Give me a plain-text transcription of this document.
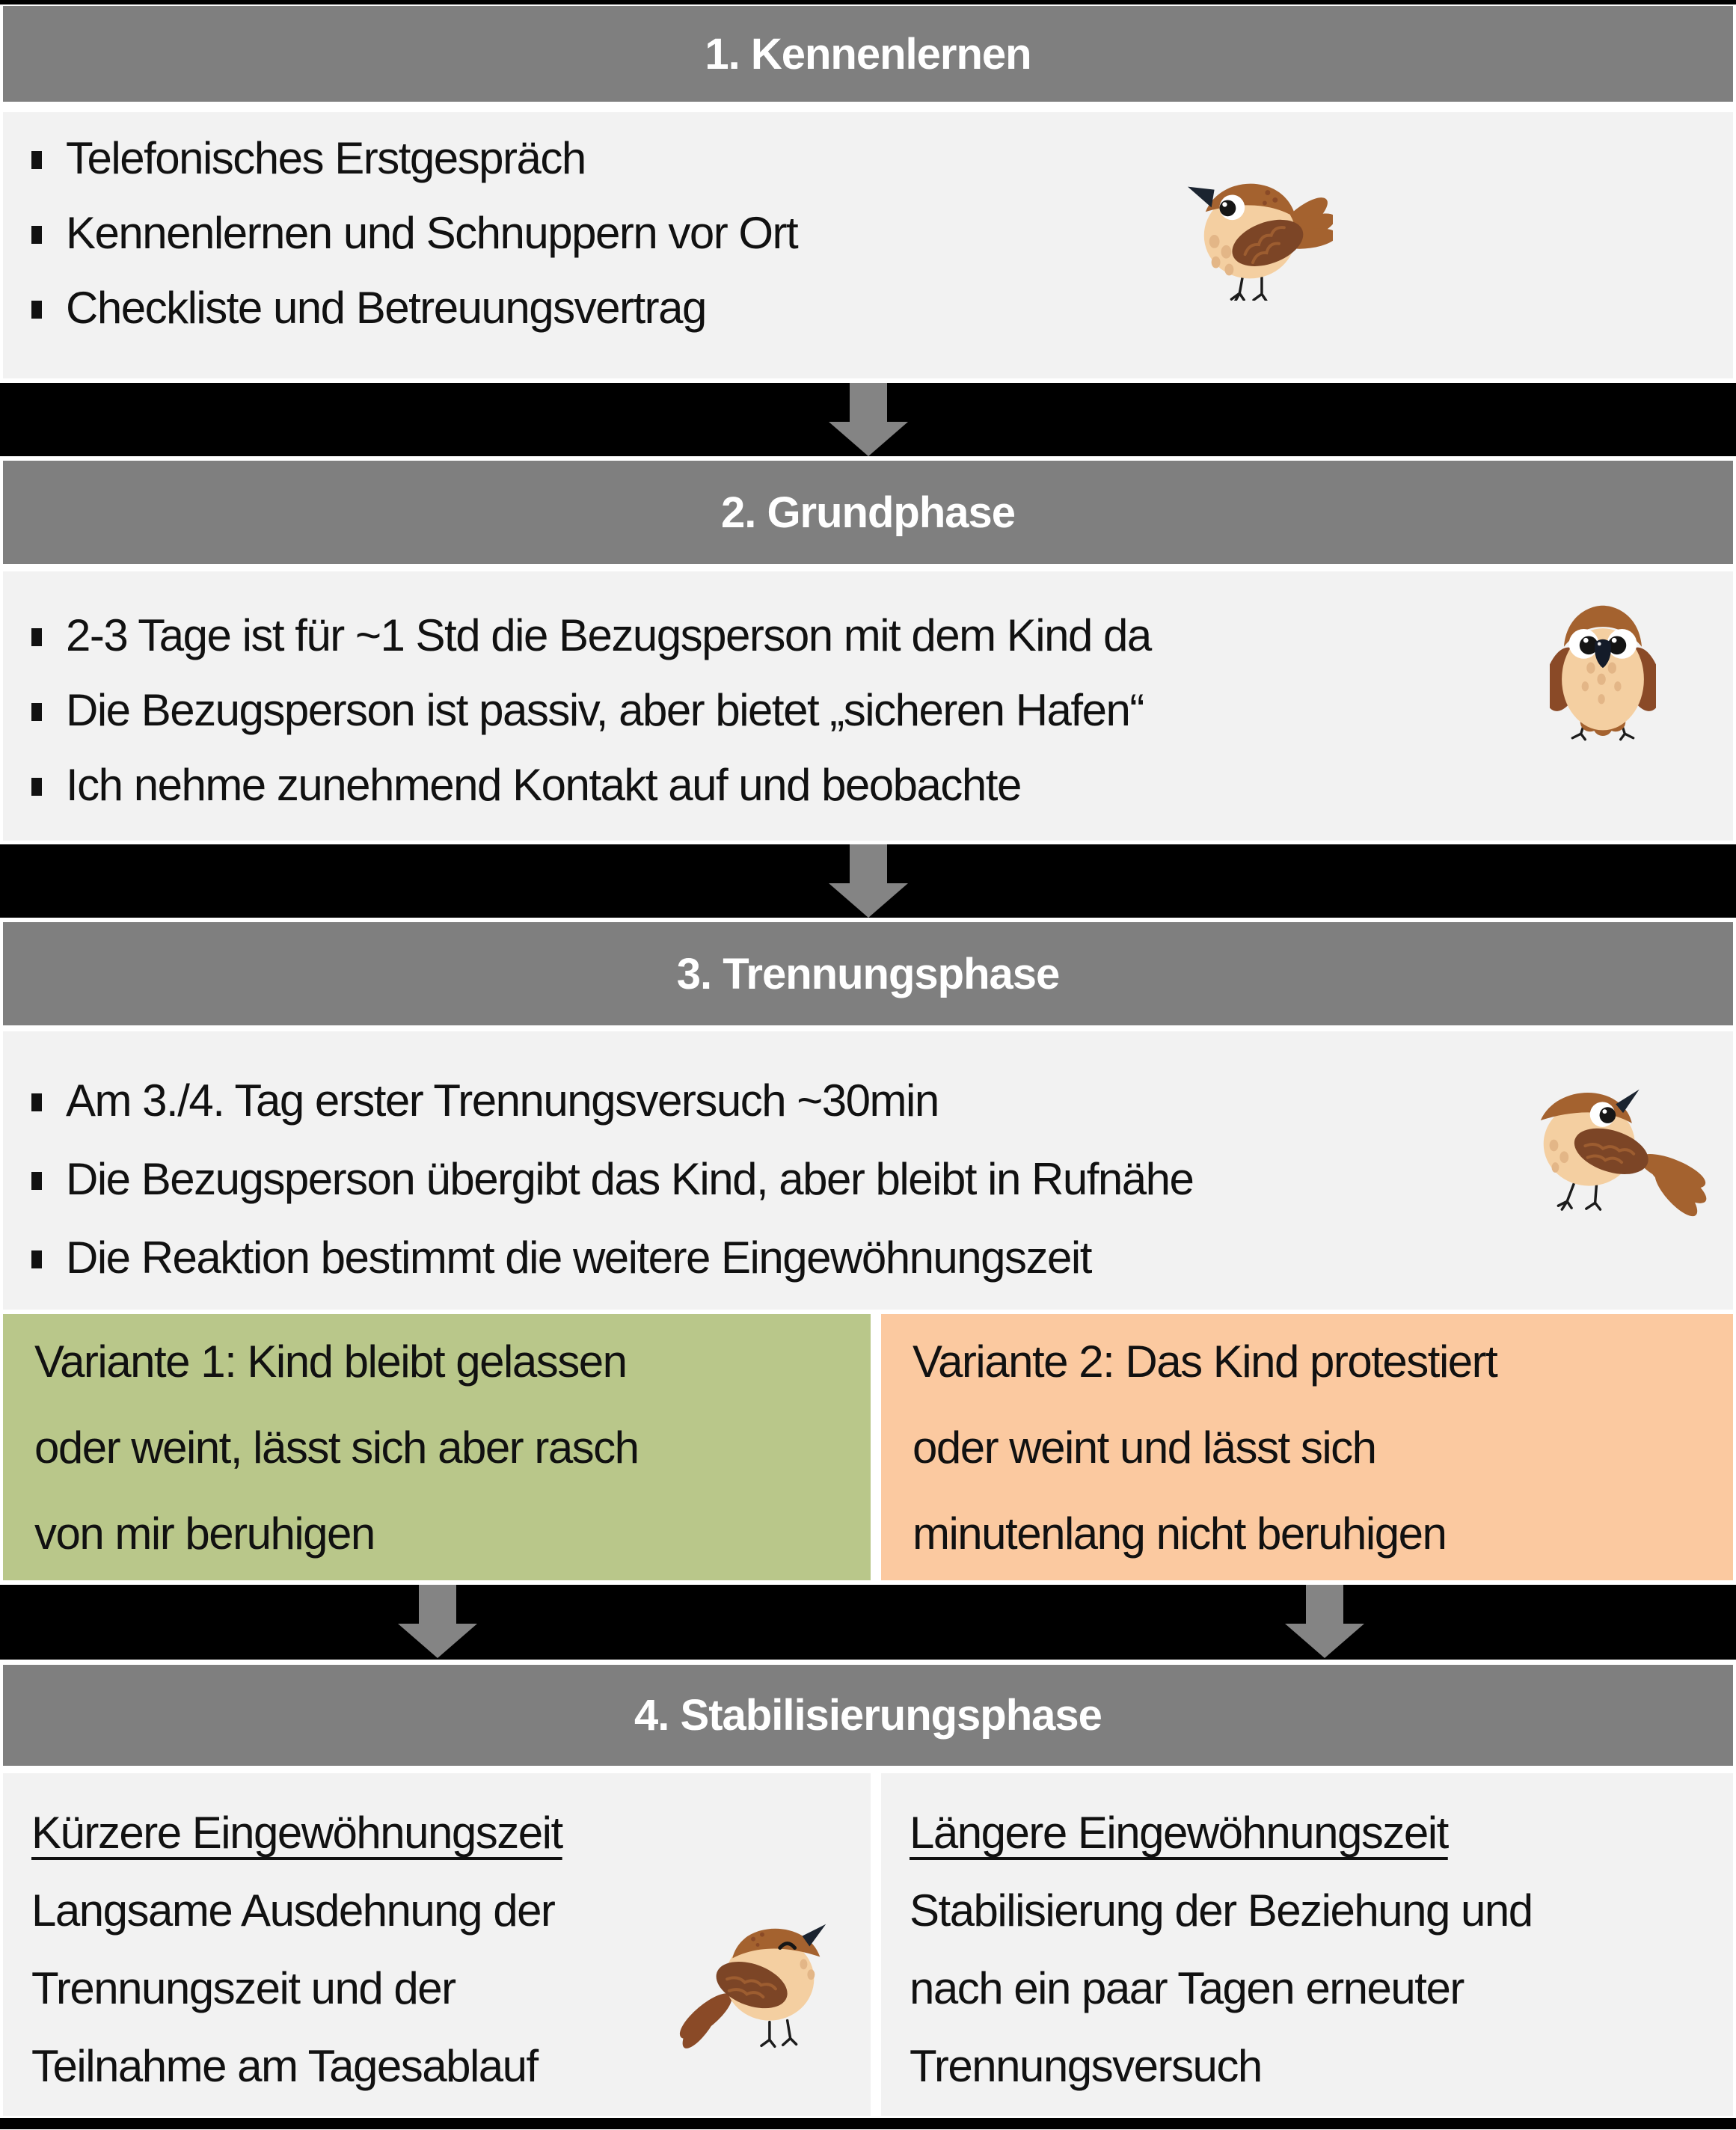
1. Kennenlernen
Telefonisches Erstgespräch
Kennenlernen und Schnuppern vor Ort
Checkliste und Betreuungsvertrag
2. Grundphase
2-3 Tage ist für ~1 Std die Bezugsperson mit dem Kind da
Die Bezugsperson ist passiv, aber bietet „sicheren Hafen“
Ich nehme zunehmend Kontakt auf und beobachte
3. Trennungsphase
Am 3./4. Tag erster Trennungsversuch ~30min
Die Bezugsperson übergibt das Kind, aber bleibt in Rufnähe
Die Reaktion bestimmt die weitere Eingewöhnungszeit
Variante 1: Kind bleibt gelassen
oder weint, lässt sich aber rasch
von mir beruhigen
Variante 2: Das Kind protestiert
oder weint und lässt sich
minutenlang nicht beruhigen
4. Stabilisierungsphase
Kürzere Eingewöhnungszeit
Langsame Ausdehnung der
Trennungszeit und der
Teilnahme am Tagesablauf
Längere Eingewöhnungszeit
Stabilisierung der Beziehung und
nach ein paar Tagen erneuter
Trennungsversuch
